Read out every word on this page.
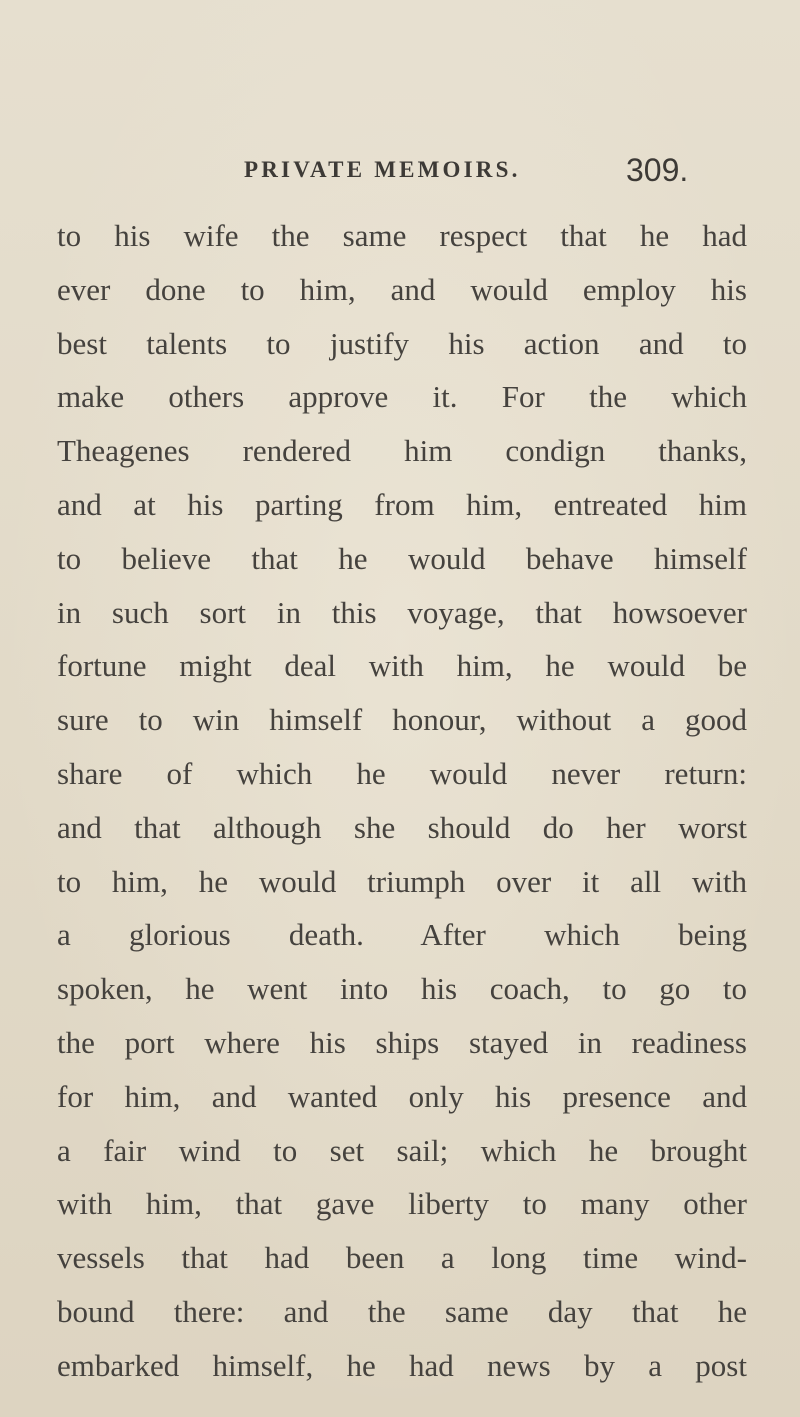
PRIVATE MEMOIRS.	309.
to his wife the same respect that he had
ever done to him, and would employ his
best talents to justify his action and to
make others approve it. For the which
Theagenes rendered him condign thanks,
and at his parting from him, entreated him
to believe that he would behave himself
in such sort in this voyage, that howsoever
fortune might deal with him, he would be
sure to win himself honour, without a good
share of which he would never return:
and that although she should do her worst
to him, he would triumph over it all with
a glorious death. After which being
spoken, he went into his coach, to go to
the port where his ships stayed in readiness
for him, and wanted only his presence and
a fair wind to set sail; which he brought
with him, that gave liberty to many other
vessels that had been a long time wind-
bound there: and the same day that he
embarked himself, he had news by a post
